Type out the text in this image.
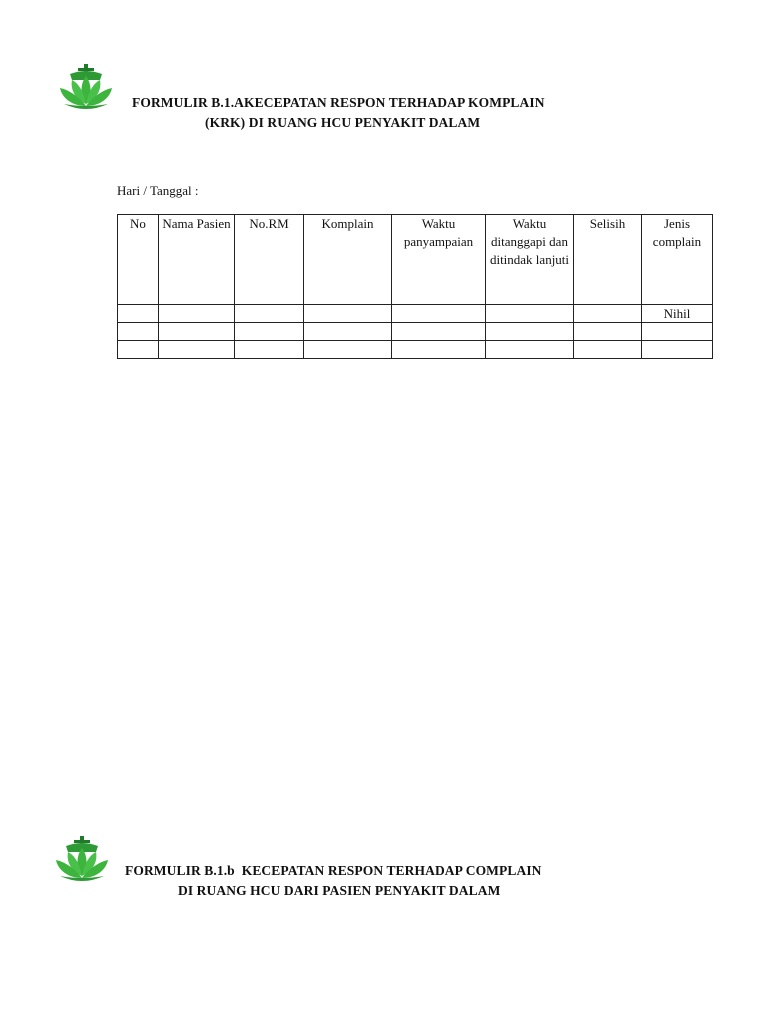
FORMULIR B.1.AKECEPATAN RESPON TERHADAP KOMPLAIN
(KRK) DI RUANG HCU PENYAKIT DALAM
Hari / Tanggal :
No	Nama Pasien	No.RM	Komplain	Waktu panyampaian	Waktu ditanggapi dan ditindak lanjuti	Selisih	Jenis complain
							Nihil

FORMULIR B.1.b  KECEPATAN RESPON TERHADAP COMPLAIN
DI RUANG HCU DARI PASIEN PENYAKIT DALAM
